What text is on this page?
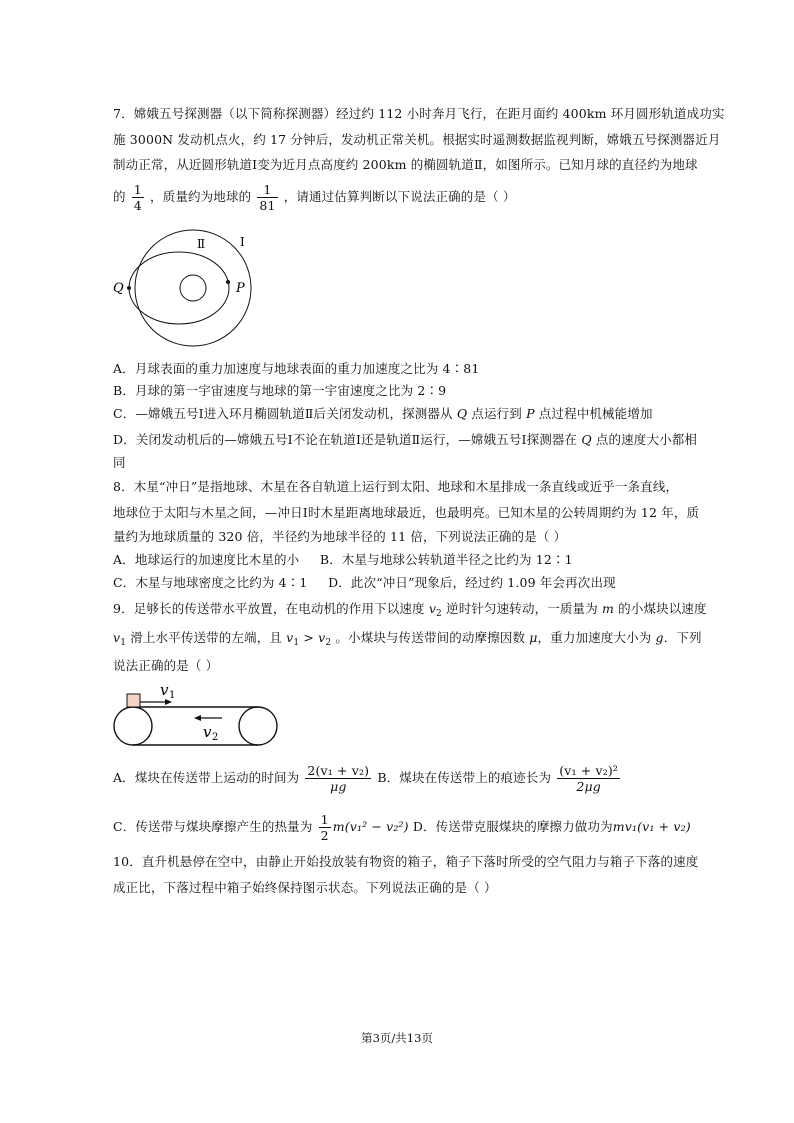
7．嫦娥五号探测器（以下简称探测器）经过约 112 小时奔月飞行，在距月面约 400km 环月圆形轨道成功实
施 3000N 发动机点火，约 17 分钟后，发动机正常关机。根据实时遥测数据监视判断，嫦娥五号探测器近月
制动正常，从近圆形轨道Ⅰ变为近月点高度约 200km 的椭圆轨道Ⅱ，如图所示。已知月球的直径约为地球
的 $\frac{1}{4}$ ，质量约为地球的 $\frac{1}{81}$ ，请通过估算判断以下说法正确的是（ ）
Q	P
Ⅱ	Ⅰ
A．月球表面的重力加速度与地球表面的重力加速度之比为 4∶81
B．月球的第一宇宙速度与地球的第一宇宙速度之比为 2∶9
C．—嫦娥五号Ⅰ进入环月椭圆轨道Ⅱ后关闭发动机，探测器从 Q 点运行到 P 点过程中机械能增加
D．关闭发动机后的—嫦娥五号Ⅰ不论在轨道Ⅰ还是轨道Ⅱ运行，—嫦娥五号Ⅰ探测器在 Q 点的速度大小都相
同
8．木星“冲日”是指地球、木星在各自轨道上运行到太阳、地球和木星排成一条直线或近乎一条直线，
地球位于太阳与木星之间，—冲日Ⅰ时木星距离地球最近，也最明亮。已知木星的公转周期约为 12 年，质
量约为地球质量的 320 倍，半径约为地球半径的 11 倍，下列说法正确的是（ ）
A．地球运行的加速度比木星的小     B．木星与地球公转轨道半径之比约为 12∶1
C．木星与地球密度之比约为 4∶1     D．此次“冲日”现象后，经过约 1.09 年会再次出现
9．足够长的传送带水平放置，在电动机的作用下以速度 $v_2$ 逆时针匀速转动，一质量为 m 的小煤块以速度
$v_1$ 滑上水平传送带的左端，且 $v_1 > v_2$ 。小煤块与传送带间的动摩擦因数 μ，重力加速度大小为 g．下列
说法正确的是（ ）
v 1
v 2
A．煤块在传送带上运动的时间为 $\frac{\text{2(v₁ + v₂)}}{\mu g}$ B．煤块在传送带上的痕迹长为 $\frac{\text{(v₁ + v₂)²}}{2\mu g}$
C．传送带与煤块摩擦产生的热量为 $\frac{1}{2} m(v_1^2 - v_2^2)$ D．传送带克服煤块的摩擦力做功为mv₁(v₁ + v₂)
10．直升机悬停在空中，由静止开始投放装有物资的箱子，箱子下落时所受的空气阻力与箱子下落的速度
成正比，下落过程中箱子始终保持图示状态。下列说法正确的是（ ）
第3页/共13页
